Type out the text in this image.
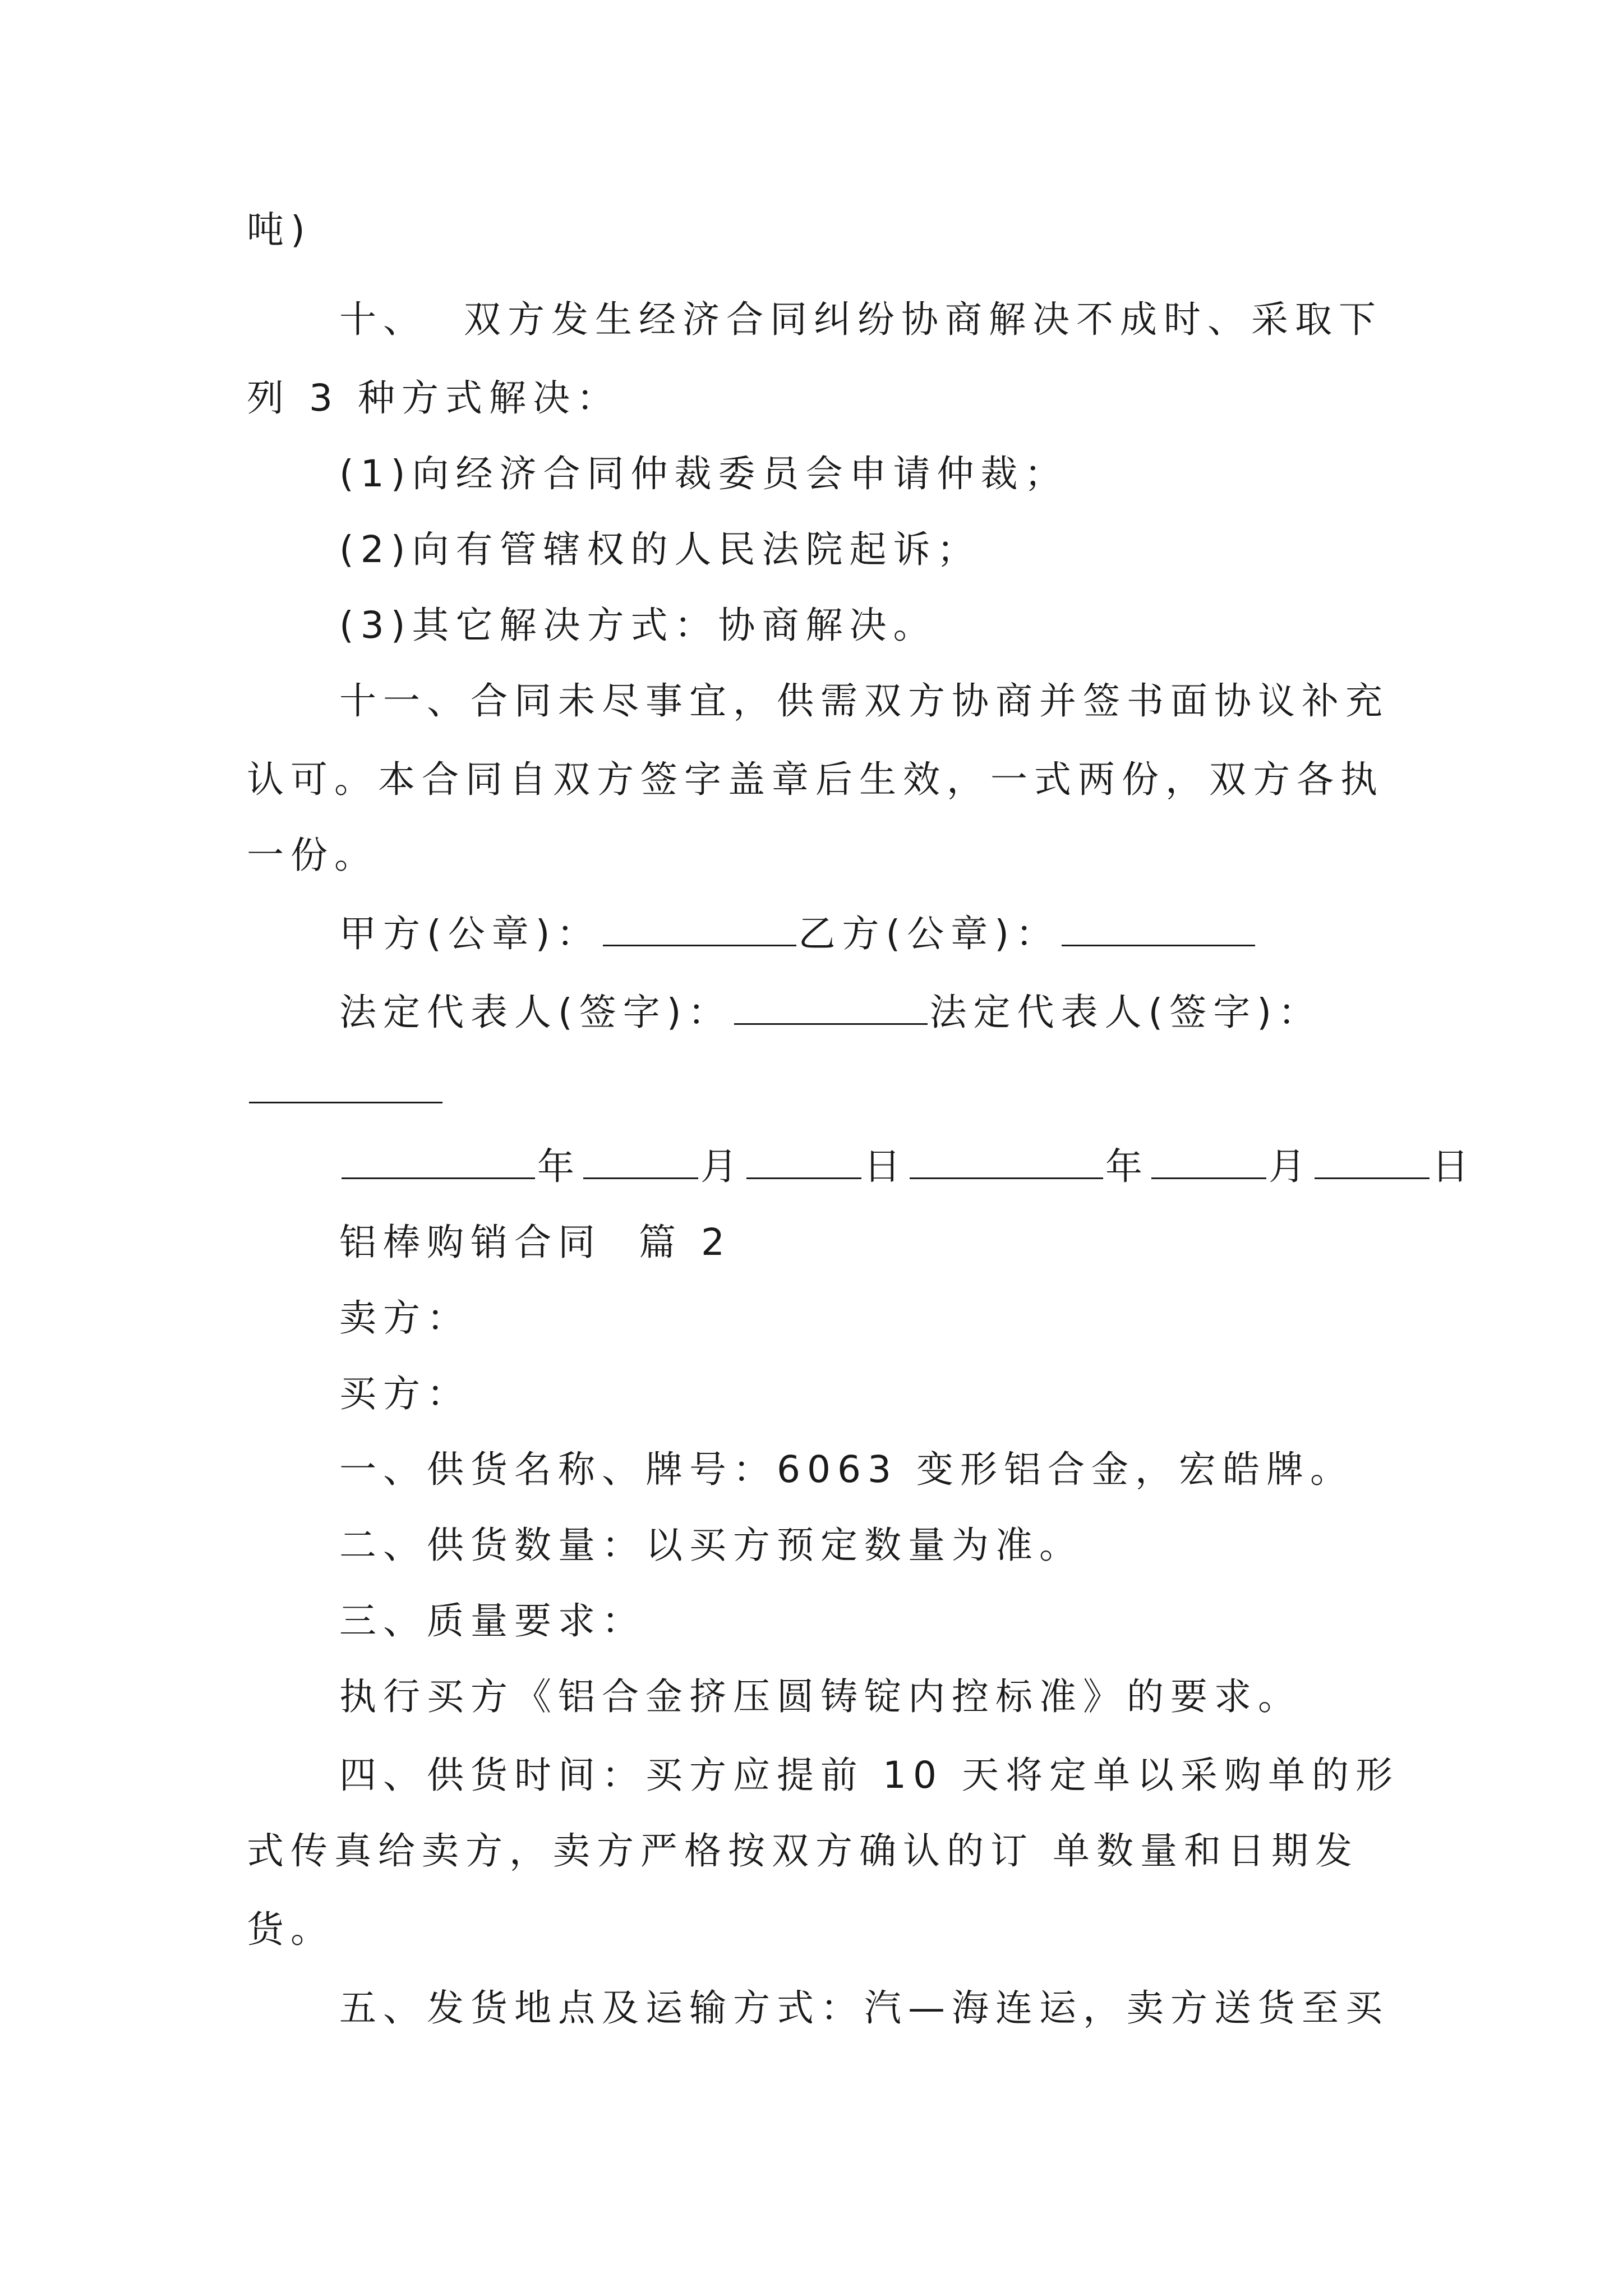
吨)

十、  双方发生经济合同纠纷协商解决不成时、采取下

列 3 种方式解决：

(1)向经济合同仲裁委员会申请仲裁；

(2)向有管辖权的人民法院起诉；

(3)其它解决方式：协商解决。

十一、合同未尽事宜，供需双方协商并签书面协议补充

认可。本合同自双方签字盖章后生效，一式两份，双方各执

一份。

甲方(公章)：	乙方(公章)：

法定代表人(签字)：	法定代表人(签字)：

年	月	日	年	月	日

铝棒购销合同  篇 2

卖方：

买方：

一、供货名称、牌号：6063 变形铝合金，宏皓牌。

二、供货数量：以买方预定数量为准。

三、质量要求：

执行买方《铝合金挤压圆铸锭内控标准》的要求。

四、供货时间：买方应提前 10 天将定单以采购单的形

式传真给卖方，卖方严格按双方确认的订 单数量和日期发

货。

五、发货地点及运输方式：汽—海连运，卖方送货至买
